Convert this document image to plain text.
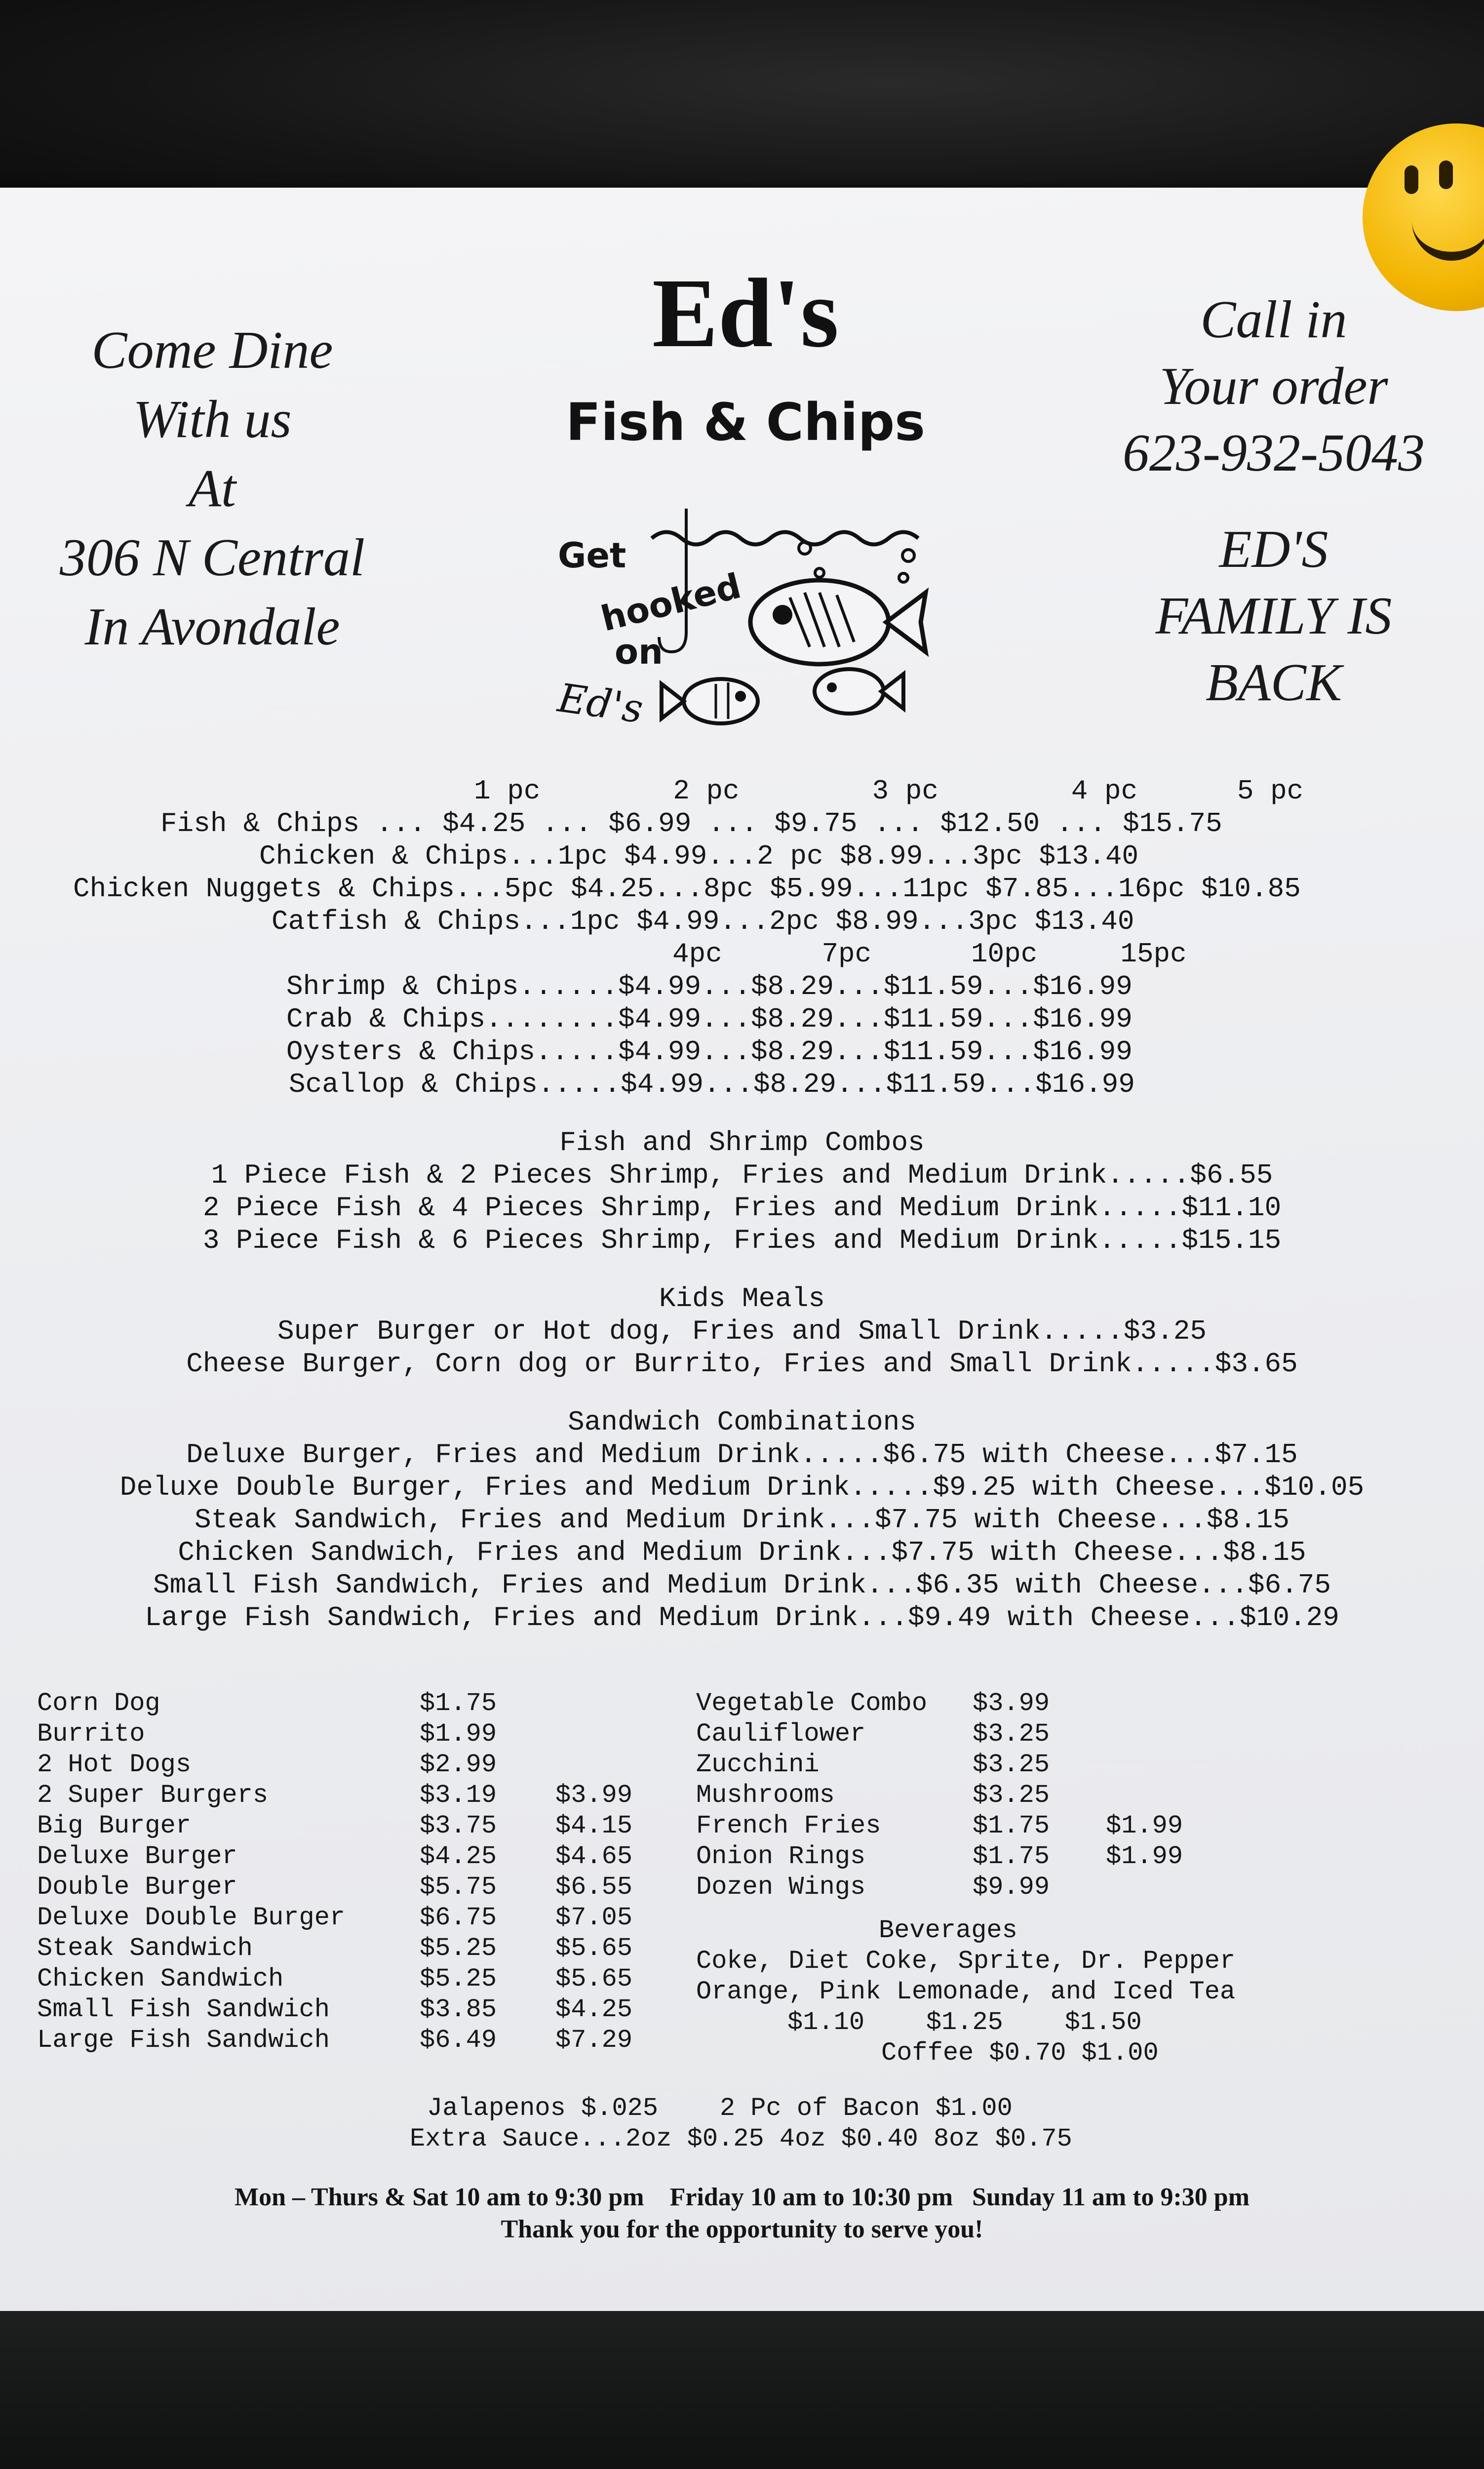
Come Dine
With us
At
306 N Central
In Avondale
Ed's
Fish & Chips
Get
hooked
on
Ed's
Call in
Your order
623-932-5043
ED'S
FAMILY IS
BACK
1 pc        2 pc        3 pc        4 pc      5 pc
Fish & Chips ... $4.25 ... $6.99 ... $9.75 ... $12.50 ... $15.75
Chicken & Chips...1pc $4.99...2 pc $8.99...3pc $13.40
Chicken Nuggets & Chips...5pc $4.25...8pc $5.99...11pc $7.85...16pc $10.85
Catfish & Chips...1pc $4.99...2pc $8.99...3pc $13.40
4pc      7pc      10pc     15pc
Shrimp & Chips......$4.99...$8.29...$11.59...$16.99
Crab & Chips........$4.99...$8.29...$11.59...$16.99
Oysters & Chips.....$4.99...$8.29...$11.59...$16.99
Scallop & Chips.....$4.99...$8.29...$11.59...$16.99
Fish and Shrimp Combos
1 Piece Fish & 2 Pieces Shrimp, Fries and Medium Drink.....$6.55
2 Piece Fish & 4 Pieces Shrimp, Fries and Medium Drink.....$11.10
3 Piece Fish & 6 Pieces Shrimp, Fries and Medium Drink.....$15.15
Kids Meals
Super Burger or Hot dog, Fries and Small Drink.....$3.25
Cheese Burger, Corn dog or Burrito, Fries and Small Drink.....$3.65
Sandwich Combinations
Deluxe Burger, Fries and Medium Drink.....$6.75 with Cheese...$7.15
Deluxe Double Burger, Fries and Medium Drink.....$9.25 with Cheese...$10.05
Steak Sandwich, Fries and Medium Drink...$7.75 with Cheese...$8.15
Chicken Sandwich, Fries and Medium Drink...$7.75 with Cheese...$8.15
Small Fish Sandwich, Fries and Medium Drink...$6.35 with Cheese...$6.75
Large Fish Sandwich, Fries and Medium Drink...$9.49 with Cheese...$10.29
Corn Dog	$1.75
Burrito	$1.99
2 Hot Dogs	$2.99
2 Super Burgers	$3.19 $3.99
Big Burger	$3.75 $4.15
Deluxe Burger	$4.25 $4.65
Double Burger	$5.75 $6.55
Deluxe Double Burger	$6.75 $7.05
Steak Sandwich	$5.25 $5.65
Chicken Sandwich	$5.25 $5.65
Small Fish Sandwich	$3.85 $4.25
Large Fish Sandwich	$6.49 $7.29
Vegetable Combo $3.99
Cauliflower	$3.25
Zucchini	$3.25
Mushrooms	$3.25
French Fries	$1.75 $1.99
Onion Rings	$1.75 $1.99
Dozen Wings	$9.99

Beverages

Coke, Diet Coke, Sprite, Dr. Pepper

Orange, Pink Lemonade, and Iced Tea

$1.10    $1.25    $1.50

Coffee $0.70 $1.00

Jalapenos $.025    2 Pc of Bacon $1.00
Extra Sauce...2oz $0.25 4oz $0.40 8oz $0.75
Mon – Thurs & Sat 10 am to 9:30 pm    Friday 10 am to 10:30 pm   Sunday 11 am to 9:30 pm
Thank you for the opportunity to serve you!
